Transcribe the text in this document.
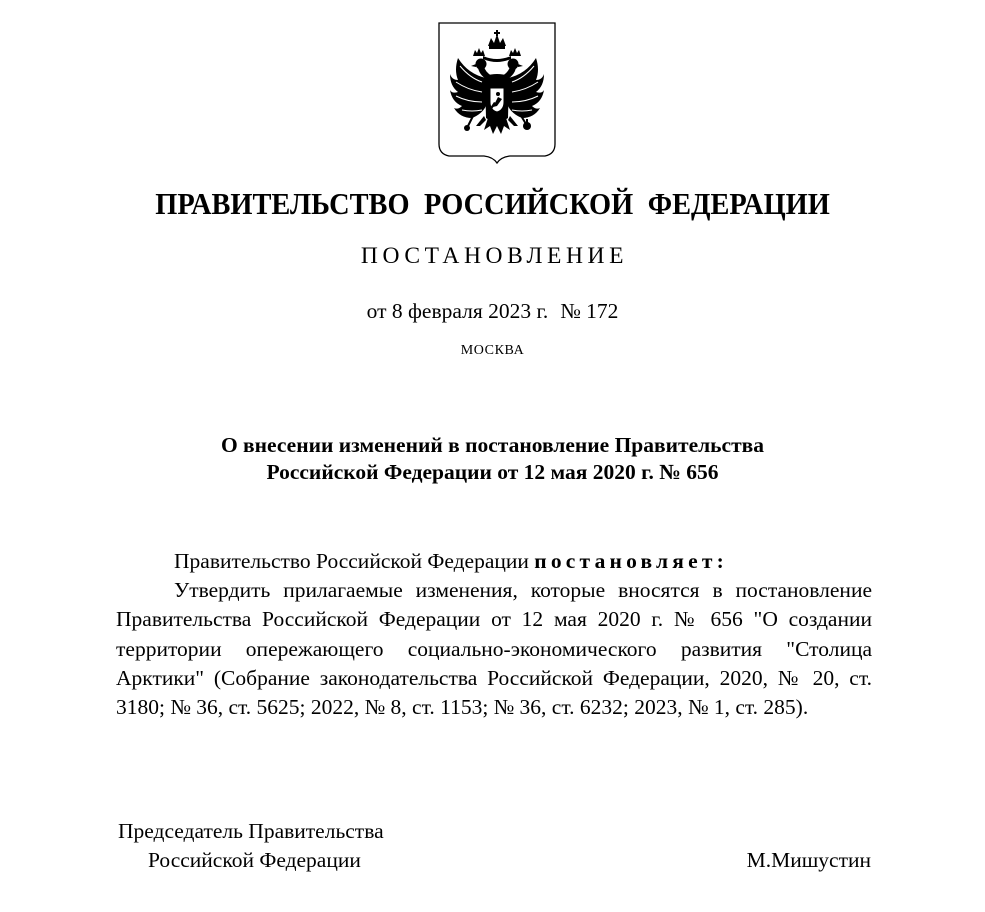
ПРАВИТЕЛЬСТВО РОССИЙСКОЙ ФЕДЕРАЦИИ
ПОСТАНОВЛЕНИЕ
от 8 февраля 2023 г. № 172
МОСКВА
О внесении изменений в постановление Правительства
Российской Федерации от 12 мая 2020 г. № 656

Правительство Российской Федерации постановляет:

Утвердить прилагаемые изменения, которые вносятся в постановление Правительства Российской Федерации от 12 мая 2020 г. № 656 "О создании территории опережающего социально-экономического развития "Столица Арктики" (Собрание законодательства Российской Федерации, 2020, № 20, ст. 3180; № 36, ст. 5625; 2022, № 8, ст. 1153; № 36, ст. 6232; 2023, № 1, ст. 285).

Председатель Правительства
Российской Федерации	М.Мишустин
